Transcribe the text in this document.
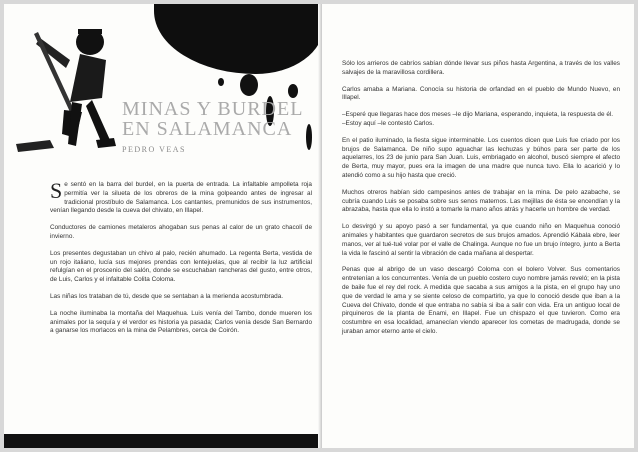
MINAS Y BURDEL
EN SALAMANCA
PEDRO VEAS

Se sentó en la barra del burdel, en la puerta de entrada. La infaltable ampolleta roja permitía ver la silueta de los obreros de la mina golpeando antes de ingresar al tradicional prostíbulo de Salamanca. Los cantantes, premunidos de sus instrumentos, venían llegando desde la cueva del chivato, en Illapel.

Conductores de camiones metaleros ahogaban sus penas al calor de un grato chacolí de invierno.

Los presentes degustaban un chivo al palo, recién ahumado. La regenta Berta, vestida de un rojo italiano, lucía sus mejores prendas con lentejuelas, que al recibir la luz artificial refulgían en el proscenio del salón, donde se escuchaban rancheras del gusto, entre otros, de Luis, Carlos y el infaltable Colita Coloma.

Las niñas los trataban de tú, desde que se sentaban a la merienda acostumbrada.

La noche iluminaba la montaña del Maquehua. Luis venía del Tambo, donde mueren los animales por la sequía y el verdor es historia ya pasada; Carlos venía desde San Bernardo a ganarse los morlacos en la mina de Pelambres, cerca de Coirón.

Sólo los arrieros de cabríos sabían dónde llevar sus piños hasta Argentina, a través de los valles salvajes de la maravillosa cordillera.

Carlos amaba a Mariana. Conocía su historia de orfandad en el pueblo de Mundo Nuevo, en Illapel.

–Esperé que llegaras hace dos meses –le dijo Mariana, esperando, inquieta, la respuesta de él.
–Estoy aquí –le contestó Carlos.

En el patio iluminado, la fiesta sigue interminable. Los cuentos dicen que Luis fue criado por los brujos de Salamanca. De niño supo aguachar las lechuzas y búhos para ser parte de los aquelarres, los 23 de junio para San Juan. Luis, embriagado en alcohol, buscó siempre el afecto de Berta, muy mayor, pues era la imagen de una madre que nunca tuvo. Ella lo acarició y lo atendió como a su hijo hasta que creció.

Muchos otreros habían sido campesinos antes de trabajar en la mina. De pelo azabache, se cubría cuando Luis se posaba sobre sus senos maternos. Las mejillas de ésta se encendían y la abrazaba, hasta que ella lo instó a tomarle la mano años atrás y hacerle un hombre de verdad.

Lo desvirgó y su apoyo pasó a ser fundamental, ya que cuando niño en Maquehua conoció animales y habitantes que guardaron secretos de sus brujos amados. Aprendió Kábala ebre, leer manos, ver al tué-tué volar por el valle de Chalinga. Aunque no fue un brujo íntegro, junto a Berta la vida le fascinó al sentir la vibración de cada mañana al despertar.

Penas que al abrigo de un vaso descargó Coloma con el bolero Volver. Sus comentarios entretenían a los concurrentes. Venía de un pueblo costero cuyo nombre jamás reveló; en la pista de baile fue el rey del rock. A medida que sacaba a sus amigos a la pista, en el grupo hay uno que de verdad le ama y se siente celoso de compartirlo, ya que lo conoció desde que iban a la Cueva del Chivato, donde el que entraba no sabía si iba a salir con vida. Era un antiguo local de pirquineros de la planta de Enami, en Illapel. Fue un chispazo el que tuvieron. Como era costumbre en esa localidad, amanecían viendo aparecer los cometas de madrugada, donde se juraban amor eterno ante el cielo.
